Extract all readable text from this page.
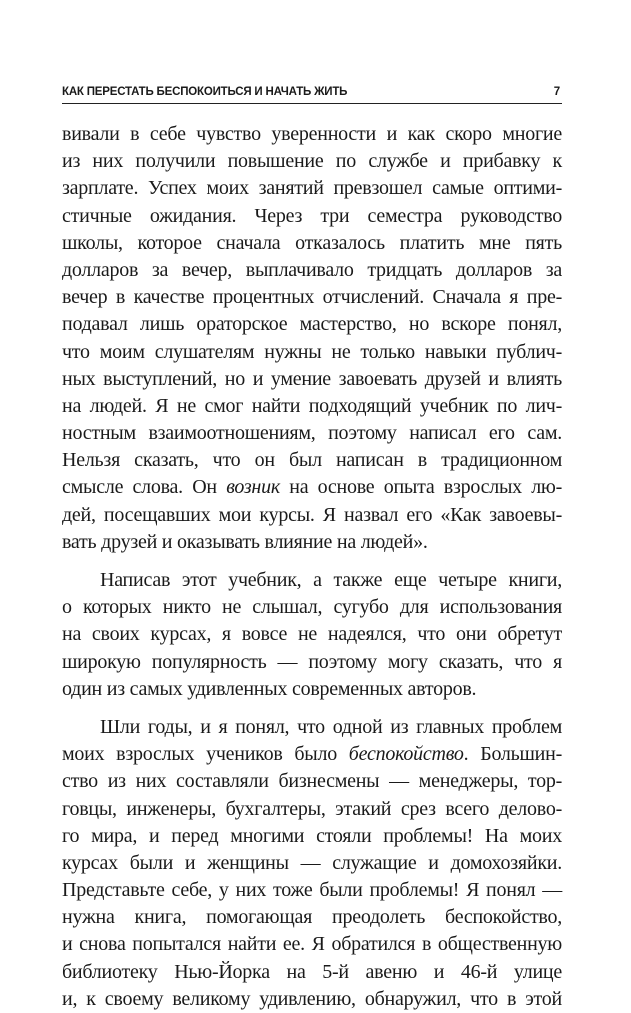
КАК ПЕРЕСТАТЬ БЕСПОКОИТЬСЯ И НАЧАТЬ ЖИТЬ	7
вивали в себе чувство уверенности и как скоро многие
из них получили повышение по службе и прибавку к
зарплате. Успех моих занятий превзошел самые оптими-
стичные ожидания. Через три семестра руководство
школы, которое сначала отказалось платить мне пять
долларов за вечер, выплачивало тридцать долларов за
вечер в качестве процентных отчислений. Сначала я пре-
подавал лишь ораторское мастерство, но вскоре понял,
что моим слушателям нужны не только навыки публич-
ных выступлений, но и умение завоевать друзей и влиять
на людей. Я не смог найти подходящий учебник по лич-
ностным взаимоотношениям, поэтому написал его сам.
Нельзя сказать, что он был написан в традиционном
смысле слова. Он возник на основе опыта взрослых лю-
дей, посещавших мои курсы. Я назвал его «Как завоевы-
вать друзей и оказывать влияние на людей».
Написав этот учебник, а также еще четыре книги,
о которых никто не слышал, сугубо для использования
на своих курсах, я вовсе не надеялся, что они обретут
широкую популярность — поэтому могу сказать, что я
один из самых удивленных современных авторов.
Шли годы, и я понял, что одной из главных проблем
моих взрослых учеников было беспокойство. Большин-
ство из них составляли бизнесмены — менеджеры, тор-
говцы, инженеры, бухгалтеры, этакий срез всего делово-
го мира, и перед многими стояли проблемы! На моих
курсах были и женщины — служащие и домохозяйки.
Представьте себе, у них тоже были проблемы! Я понял —
нужна книга, помогающая преодолеть беспокойство,
и снова попытался найти ее. Я обратился в общественную
библиотеку Нью-Йорка на 5-й авеню и 46-й улице
и, к своему великому удивлению, обнаружил, что в этой
